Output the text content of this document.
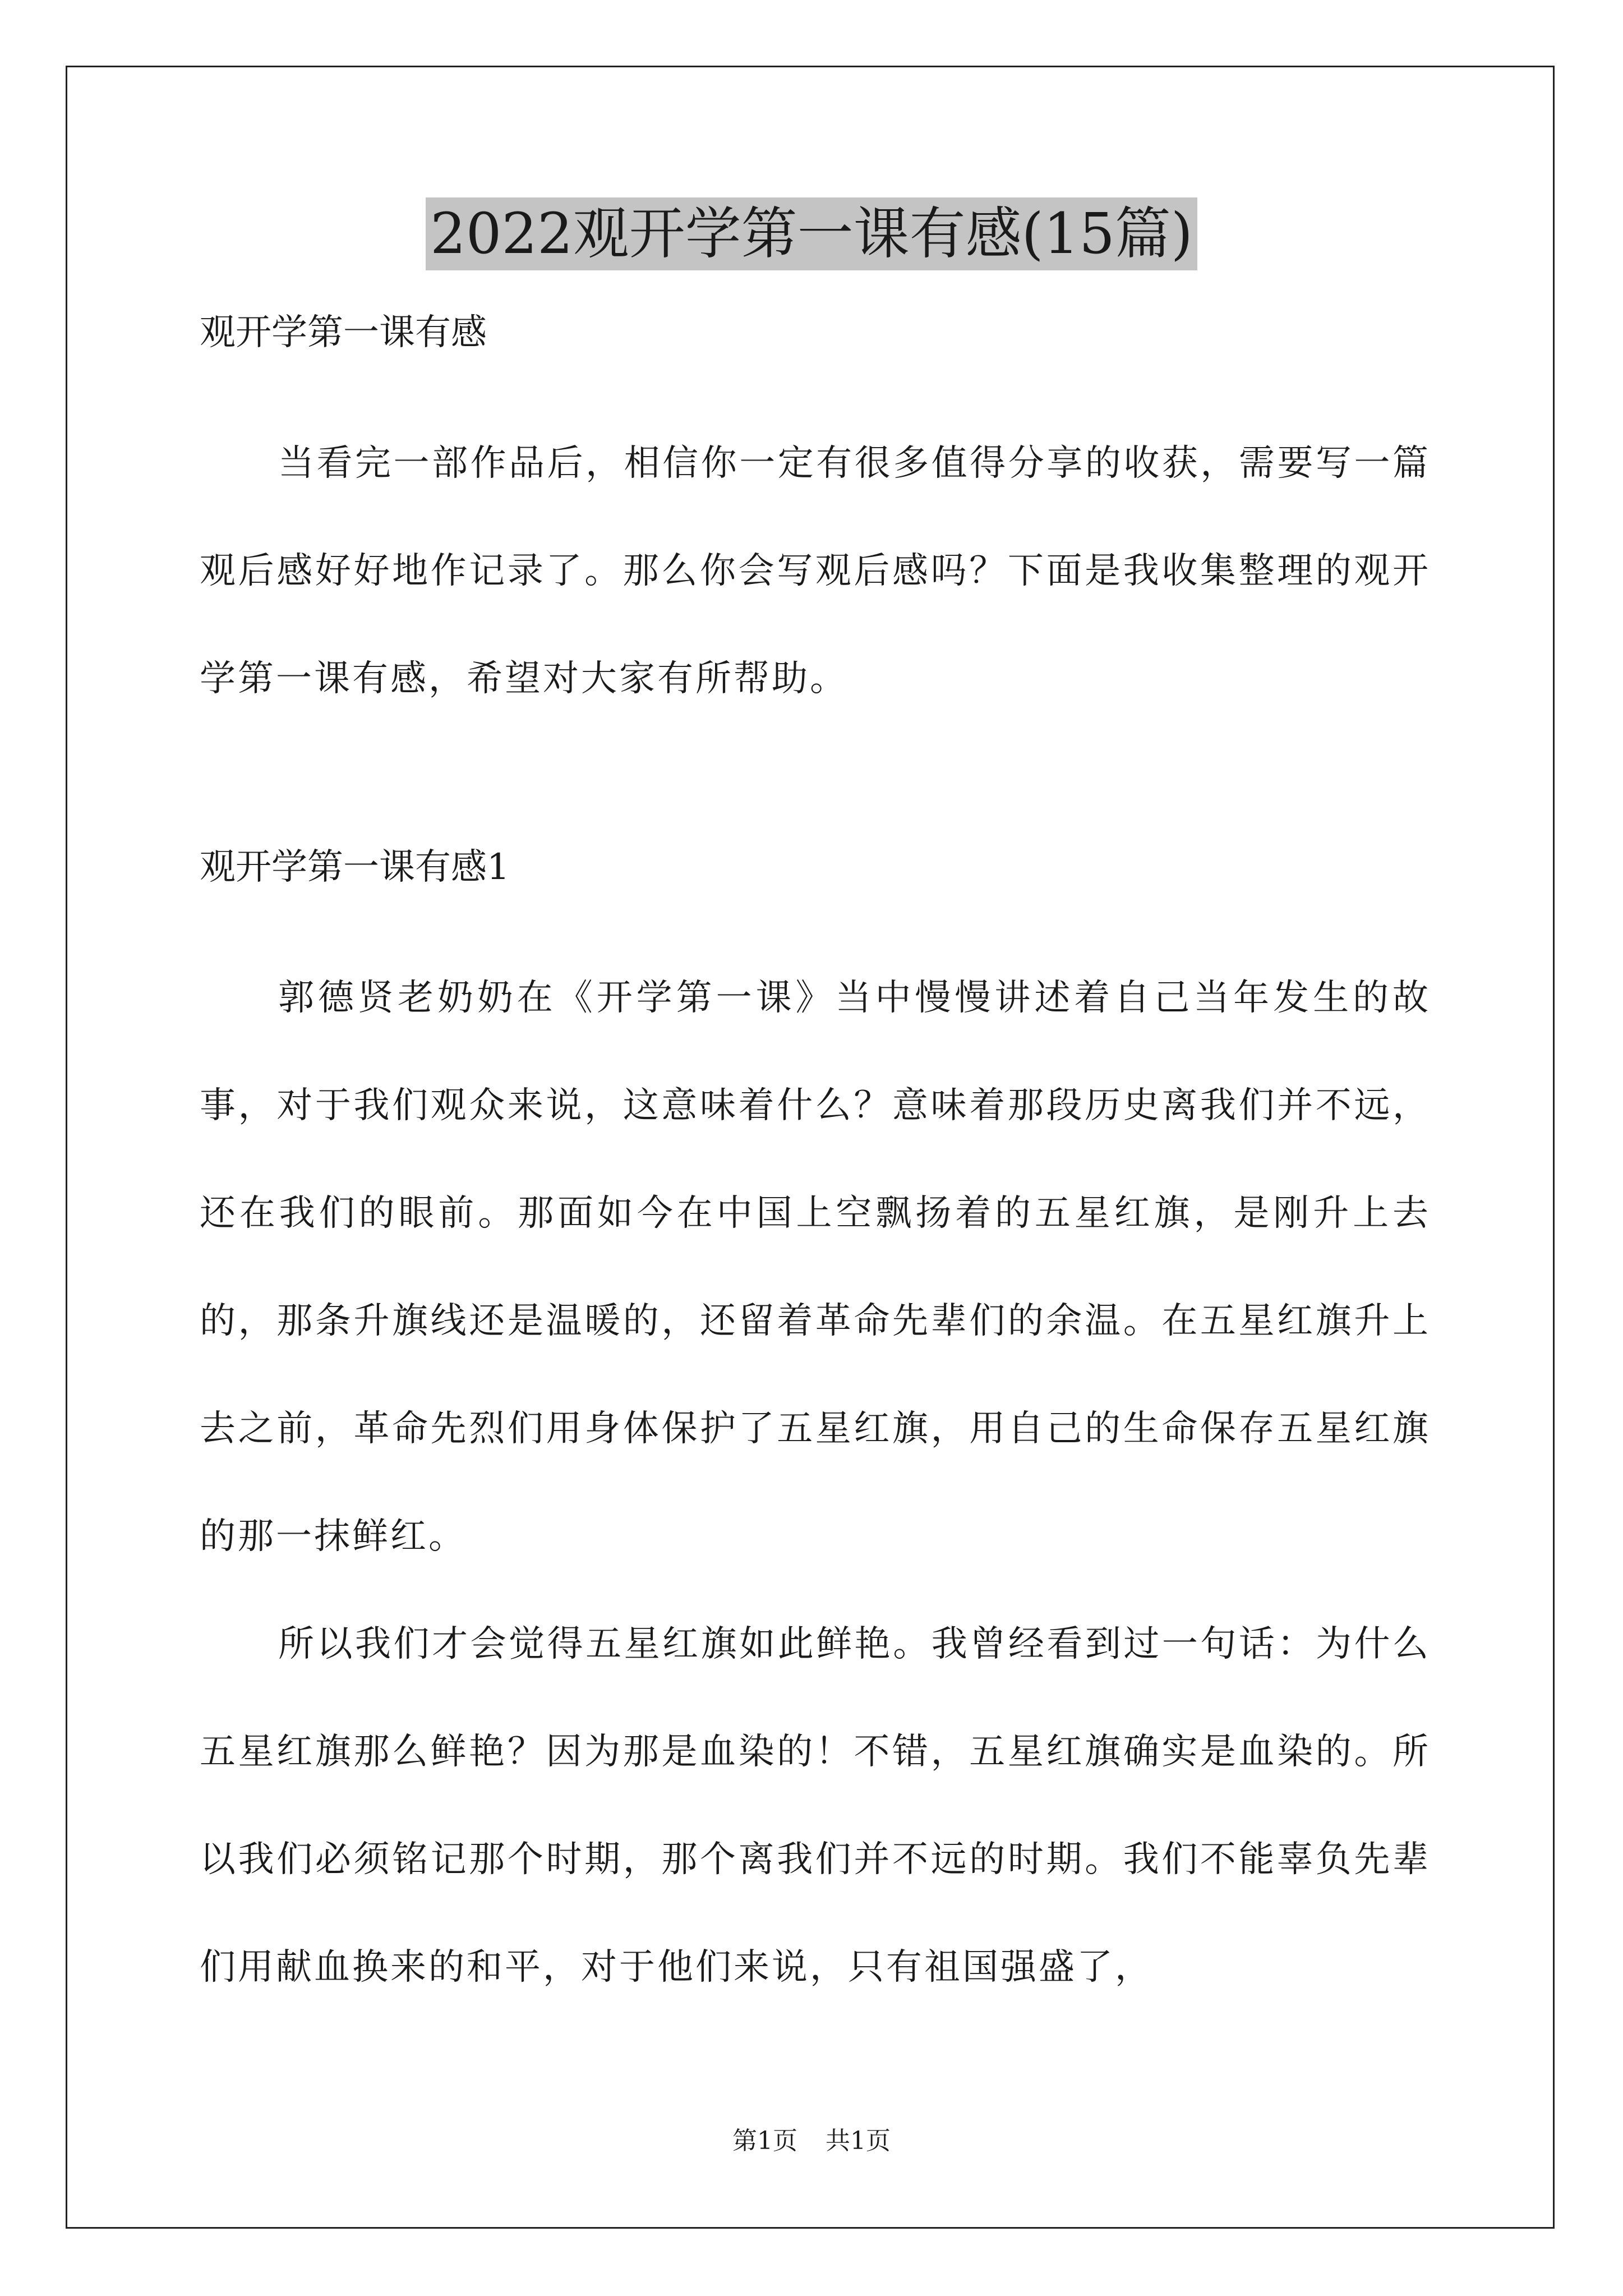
2022观开学第一课有感(15篇)

观开学第一课有感

当看完一部作品后，相信你一定有很多值得分享的收获，需要写一篇观后感好好地作记录了。那么你会写观后感吗？下面是我收集整理的观开学第一课有感，希望对大家有所帮助。

观开学第一课有感1

郭德贤老奶奶在《开学第一课》当中慢慢讲述着自己当年发生的故事，对于我们观众来说，这意味着什么？意味着那段历史离我们并不远，还在我们的眼前。那面如今在中国上空飘扬着的五星红旗，是刚升上去的，那条升旗线还是温暖的，还留着革命先辈们的余温。在五星红旗升上去之前，革命先烈们用身体保护了五星红旗，用自己的生命保存五星红旗的那一抹鲜红。

所以我们才会觉得五星红旗如此鲜艳。我曾经看到过一句话：为什么五星红旗那么鲜艳？因为那是血染的！不错，五星红旗确实是血染的。所以我们必须铭记那个时期，那个离我们并不远的时期。我们不能辜负先辈们用献血换来的和平，对于他们来说，只有祖国强盛了，

第1页 共1页
